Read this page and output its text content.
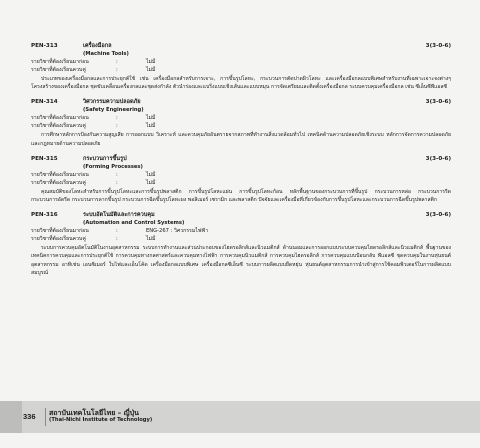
PEN-313	เครื่องมือกล	3(3-0-6)
(Machine Tools)
รายวิชาที่ต้องเรียนมาก่อน	:	ไม่มี
รายวิชาที่ต้องเรียนควบคู่	:	ไม่มี
ประเภทของเครื่องมือกลและการประยุกต์ใช้ เช่น เครื่องมือกลสำหรับการเจาะ, การขึ้นรูปโลหะ, กระบวนการตัดปาดผิวโลหะ และเครื่องมือกลแบบพิเศษสำหรับงานที่เฉพาะเจาะจงต่างๆ โครงสร้างของเครื่องมือกล ชุดขับเคลื่อนเครื่องกลและชุดส่งกำลัง ตัวนำร่องและแบริ่งแบบเชิงเส้นและแบบหมุน การจัดเตรียมและติดตั้งเครื่องมือกล ระบบควบคุมเครื่องมือกล เช่น ซีเอ็นซีพีแอลซี
PEN-314	วิศวกรรมความปลอดภัย	3(3-0-6)
(Safety Engineering)
รายวิชาที่ต้องเรียนมาก่อน	:	ไม่มี
รายวิชาที่ต้องเรียนควบคู่	:	ไม่มี
การศึกษาหลักการป้องกันความสูญเสีย การออกแบบ วิเคราะห์ และควบคุมภัยอันตรายจากสภาพที่ทำงานสิ่งแวดล้อมทั่วไป เทคนิคด้านความปลอดภัยเชิงระบบ หลักการจัดการความปลอดภัย และกฎหมายด้านความปลอดภัย
PEN-315	กระบวนการขึ้นรูป	3(3-0-6)
(Forming Processes)
รายวิชาที่ต้องเรียนมาก่อน	:	ไม่มี
รายวิชาที่ต้องเรียนควบคู่	:	ไม่มี
คุณสมบัติของโลหะสำหรับการขึ้นรูปโลหะและการขึ้นรูปพลาสติก การขึ้นรูปโลหะแผ่น การขึ้นรูปโลหะก้อน หลักพื้นฐานของกระบวนการที่ขึ้นรูป กระบวนการหล่อ กระบวนการรีด กระบวนการอัดรีด กระบวนการลากขึ้นรูป กระบวนการฉีดขึ้นรูปโลหะผง พอลิเมอร์ เซรามิก และพลาสติก ปัจจัยและเครื่องมือที่เกี่ยวข้องกับการขึ้นรูปโลหะและกระบวนการฉีดขึ้นรูปพลาสติก
PEN-316	ระบบอัตโนมัติและการควบคุม	3(3-0-6)
(Automation and Control Systems)
รายวิชาที่ต้องเรียนมาก่อน	:	ENG-267 : วิศวกรรมไฟฟ้า
รายวิชาที่ต้องเรียนควบคู่	:	ไม่มี
ระบบการควบคุมอัตโนมัติในงานอุตสาหกรรม ระบบการทำงานและส่วนประกอบของไฮดรอลิกส์และนิวแมติกส์ ด้านนอมและการออกแบบระบบควบคุมไฮดรอลิกส์และนิวแมติกส์ พื้นฐานของเทคนิคการควบคุมและการประยุกต์ใช้ การควบคุมทางกลศาสตร์และควบคุมทางไฟฟ้า การควบคุมนิวแมติกส์ การควบคุมไฮดรอลิกส์ การควบคุมแบบป้อนกลับ พีแอลซี ชุดควบคุมในงานหุ่นยนต์อุตสาหกรรม อาทิเช่น เอนซิเมอร์ ใบไฟและเอ็นโค้ด เครื่องมือกลแบบพิเศษ เครื่องมือกลซีเอ็นซี ระบบการผลิตแบบยืดหยุ่น หุ่นยนต์อุตสาหกรรมการนำเข้าสู่การใช้คอมพิวเตอร์ในการผลิตแบบสมบูรณ์
336 สถาบันเทคโนโลยีไทย – ญี่ปุ่น
(Thai-Nichi Institute of Technology)
